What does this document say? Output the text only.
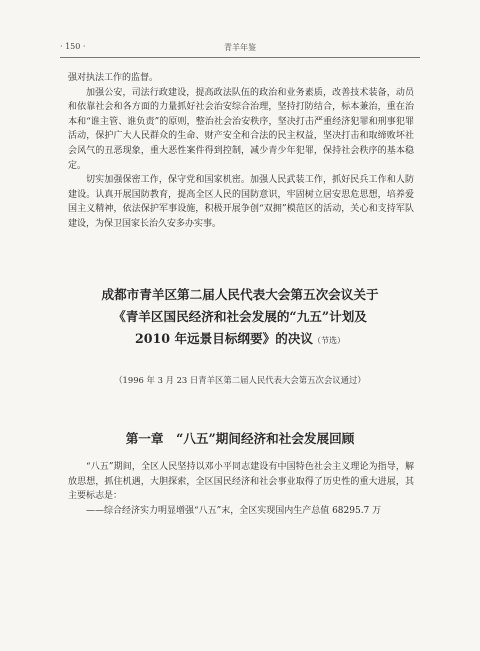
· 150 ·	青羊年鉴

强对执法工作的监督。

加强公安，司法行政建设，提高政法队伍的政治和业务素质，改善技术装备，动员和依靠社会和各方面的力量抓好社会治安综合治理，坚持打防结合，标本兼治，重在治本和“谁主管、谁负责”的原则，整治社会治安秩序，坚决打击严重经济犯罪和刑事犯罪活动，保护广大人民群众的生命、财产安全和合法的民主权益，坚决打击和取缔败坏社会风气的丑恶现象，重大恶性案件得到控制，减少青少年犯罪，保持社会秩序的基本稳定。

切实加强保密工作，保守党和国家机密。加强人民武装工作，抓好民兵工作和人防建设。认真开展国防教育，提高全区人民的国防意识，牢固树立居安思危思想，培养爱国主义精神，依法保护军事设施，积极开展争创“双拥”模范区的活动，关心和支持军队建设，为保卫国家长治久安多办实事。

成都市青羊区第二届人民代表大会第五次会议关于
《青羊区国民经济和社会发展的“九五”计划及
2010 年远景目标纲要》的决议（节选）
（1996 年 3 月 23 日青羊区第二届人民代表大会第五次会议通过）
第一章　“八五”期间经济和社会发展回顾

“八五”期间，全区人民坚持以邓小平同志建设有中国特色社会主义理论为指导，解放思想，抓住机遇，大胆探索，全区国民经济和社会事业取得了历史性的重大进展，其主要标志是：

——综合经济实力明显增强“八五”末，全区实现国内生产总值 68295.7 万
